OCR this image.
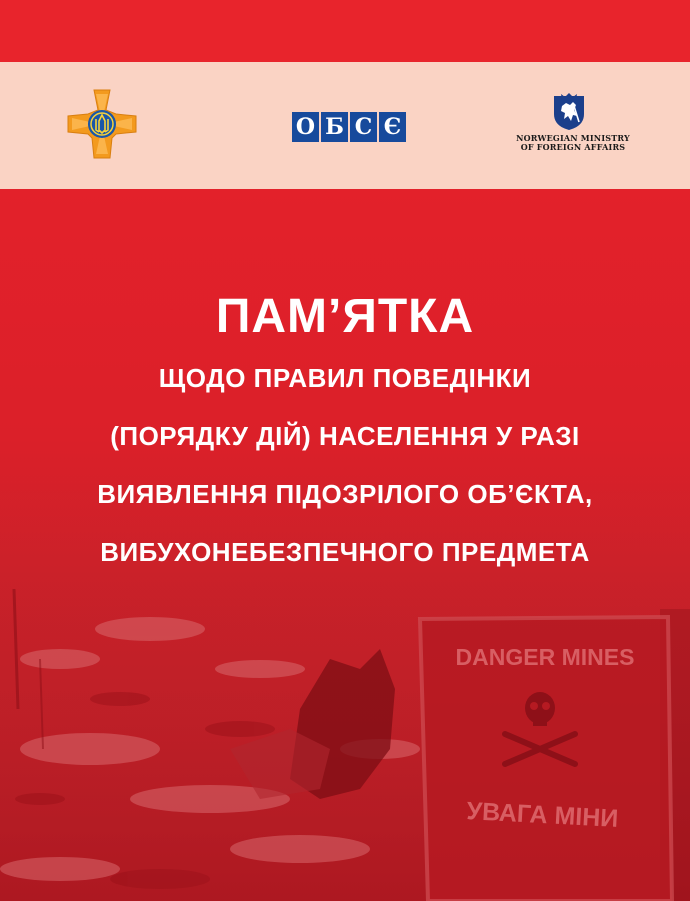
О Б С Є	NORWEGIAN MINISTRY
OF FOREIGN AFFAIRS
DANGER MINES
УВАГА МІНИ
ПАМ’ЯТКА
ЩОДО ПРАВИЛ ПОВЕДІНКИ
(ПОРЯДКУ ДІЙ) НАСЕЛЕННЯ У РАЗІ
ВИЯВЛЕННЯ ПІДОЗРІЛОГО ОБ’ЄКТА,
ВИБУХОНЕБЕЗПЕЧНОГО ПРЕДМЕТА
